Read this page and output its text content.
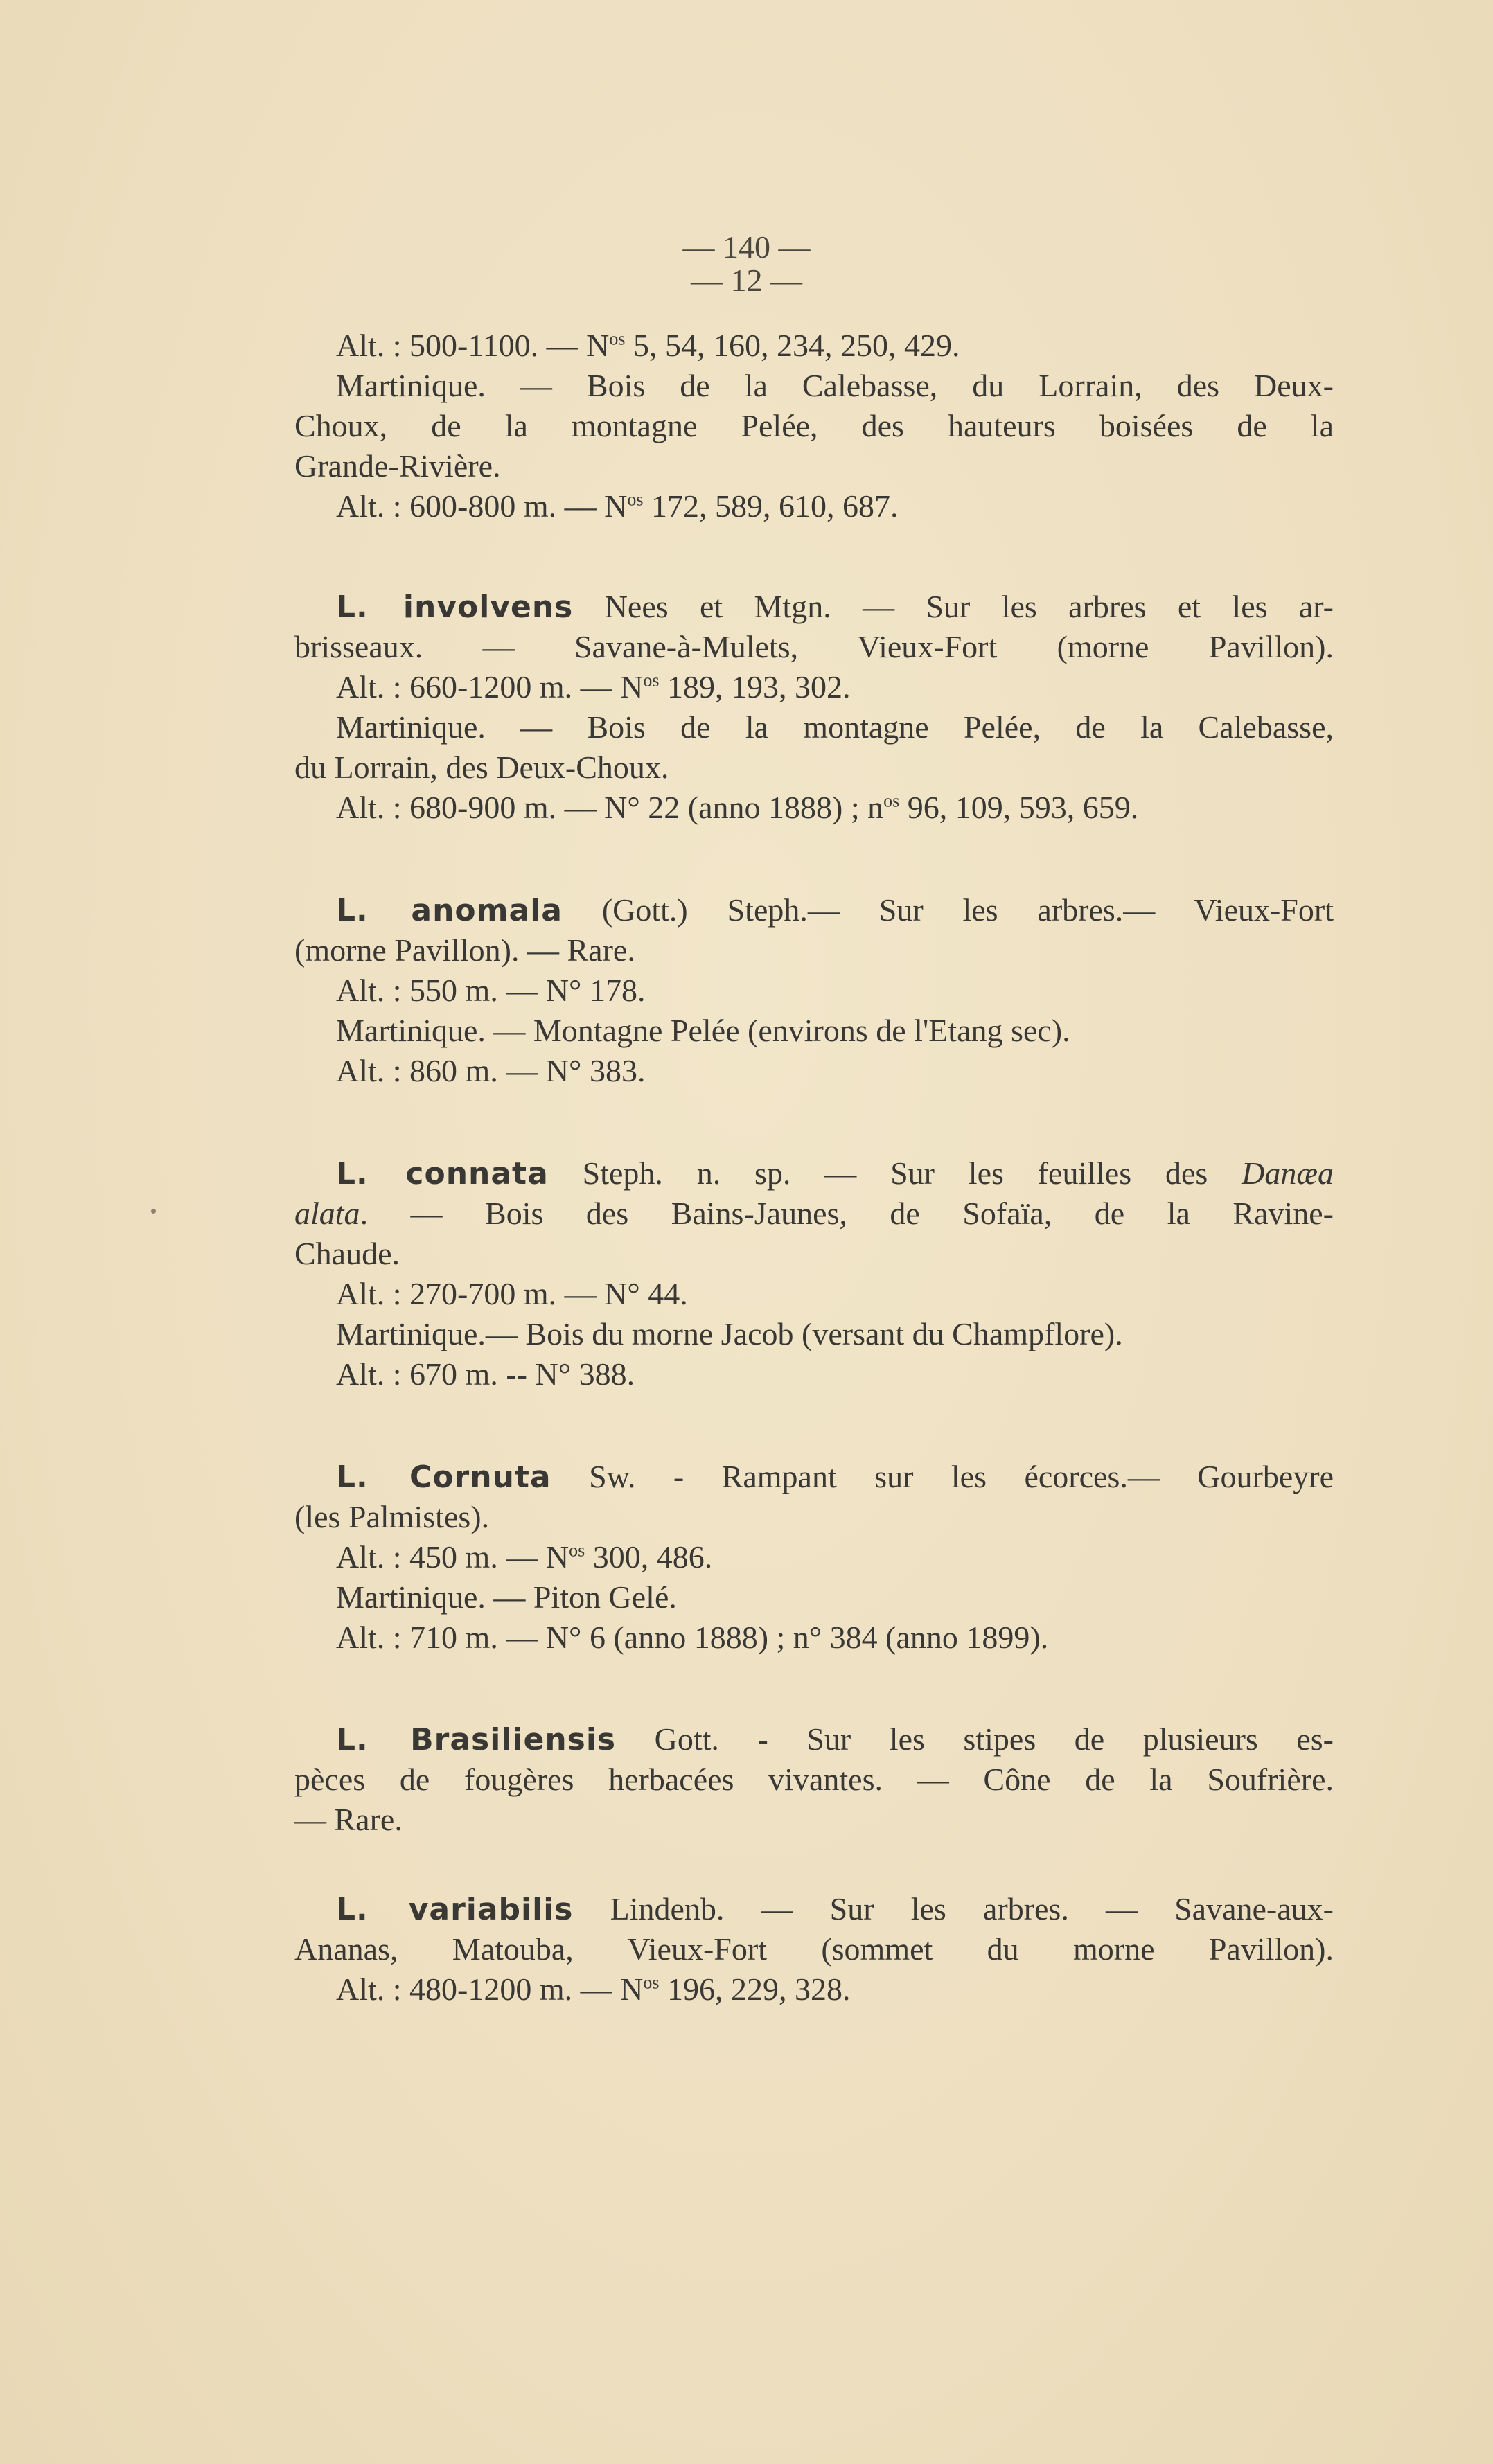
— 140 —
— 12 —
Alt. : 500-1100. — $N^{os}$ 5, 54, 160, 234, 250, 429.
Martinique. — Bois de la Calebasse, du Lorrain, des Deux-
Choux, de la montagne Pelée, des hauteurs boisées de la
Grande-Rivière.
Alt. : 600-800 m. — $N^{os}$ 172, 589, 610, 687.
L. involvens Nees et Mtgn. — Sur les arbres et les ar-
brisseaux. — Savane-à-Mulets, Vieux-Fort (morne Pavillon).
Alt. : 660-1200 m. — $N^{os}$ 189, 193, 302.
Martinique. — Bois de la montagne Pelée, de la Calebasse,
du Lorrain, des Deux-Choux.
Alt. : 680-900 m. — N° 22 (anno 1888) ; $n^{os}$ 96, 109, 593, 659.
L. anomala (Gott.) Steph.— Sur les arbres.— Vieux-Fort
(morne Pavillon). — Rare.
Alt. : 550 m. — N° 178.
Martinique. — Montagne Pelée (environs de l'Etang sec).
Alt. : 860 m. — N° 383.
L. connata Steph. n. sp. — Sur les feuilles des Danæa
alata. — Bois des Bains-Jaunes, de Sofaïa, de la Ravine-
Chaude.
Alt. : 270-700 m. — N° 44.
Martinique.— Bois du morne Jacob (versant du Champflore).
Alt. : 670 m. -- N° 388.
L. Cornuta Sw. - Rampant sur les écorces.— Gourbeyre
(les Palmistes).
Alt. : 450 m. — $N^{os}$ 300, 486.
Martinique. — Piton Gelé.
Alt. : 710 m. — N° 6 (anno 1888) ; n° 384 (anno 1899).
L. Brasiliensis Gott. - Sur les stipes de plusieurs es-
pèces de fougères herbacées vivantes. — Cône de la Soufrière.
— Rare.
L. variabilis Lindenb. — Sur les arbres. — Savane-aux-
Ananas, Matouba, Vieux-Fort (sommet du morne Pavillon).
Alt. : 480-1200 m. — $N^{os}$ 196, 229, 328.
